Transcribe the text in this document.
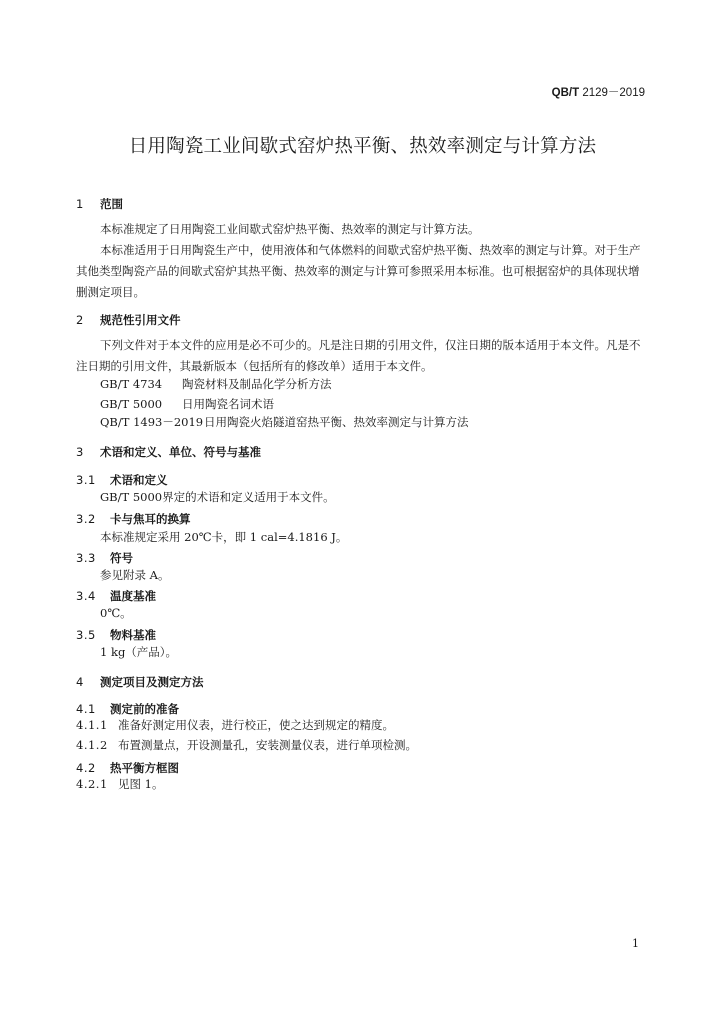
QB/T 2129－2019
日用陶瓷工业间歇式窑炉热平衡、热效率测定与计算方法
1 范围
本标准规定了日用陶瓷工业间歇式窑炉热平衡、热效率的测定与计算方法。
本标准适用于日用陶瓷生产中，使用液体和气体燃料的间歇式窑炉热平衡、热效率的测定与计算。对于生产其他类型陶瓷产品的间歇式窑炉其热平衡、热效率的测定与计算可参照采用本标准。也可根据窑炉的具体现状增删测定项目。
2 规范性引用文件
下列文件对于本文件的应用是必不可少的。凡是注日期的引用文件，仅注日期的版本适用于本文件。凡是不注日期的引用文件，其最新版本（包括所有的修改单）适用于本文件。
GB/T 4734 陶瓷材料及制品化学分析方法
GB/T 5000 日用陶瓷名词术语
QB/T 1493－2019日用陶瓷火焰隧道窑热平衡、热效率测定与计算方法
3 术语和定义、单位、符号与基准
3.1 术语和定义
GB/T 5000界定的术语和定义适用于本文件。
3.2 卡与焦耳的换算
本标准规定采用 20℃卡，即 1 cal=4.1816 J。
3.3 符号
参见附录 A。
3.4 温度基准
0℃。
3.5 物料基准
1 kg（产品）。
4 测定项目及测定方法
4.1 测定前的准备
4.1.1 准备好测定用仪表，进行校正，使之达到规定的精度。
4.1.2 布置测量点，开设测量孔，安装测量仪表，进行单项检测。
4.2 热平衡方框图
4.2.1 见图 1。
1
